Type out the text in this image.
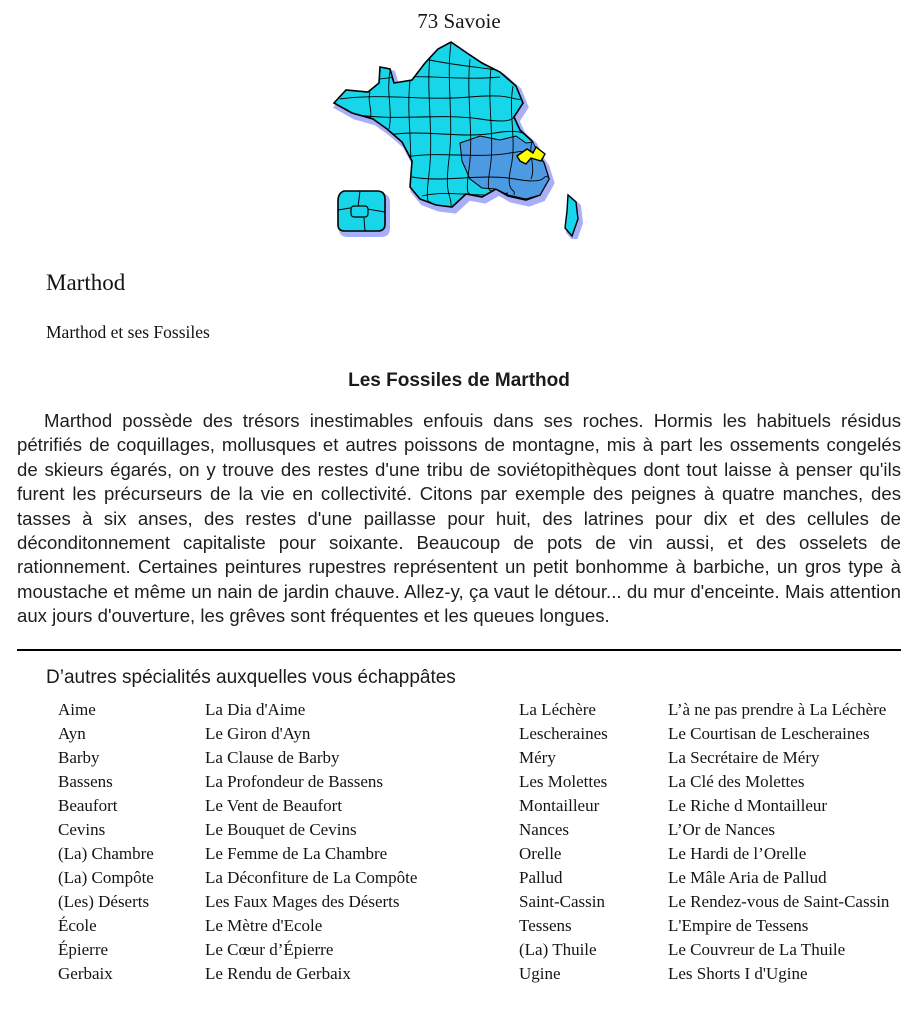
73 Savoie
Marthod
Marthod et ses Fossiles
Les Fossiles de Marthod

Marthod possède des trésors inestimables enfouis dans ses roches. Hormis les habituels résidus pétrifiés de coquillages, mollusques et autres poissons de montagne, mis à part les ossements congelés de skieurs égarés, on y trouve des restes d'une tribu de soviétopithèques dont tout laisse à penser qu'ils furent les précurseurs de la vie en collectivité. Citons par exemple des peignes à quatre manches, des tasses à six anses, des restes d'une paillasse pour huit, des latrines pour dix et des cellules de déconditonnement capitaliste pour soixante. Beaucoup de pots de vin aussi, et des osselets de rationnement. Certaines peintures rupestres représentent un petit bonhomme à barbiche, un gros type à moustache et même un nain de jardin chauve. Allez-y, ça vaut le détour... du mur d'enceinte. Mais attention aux jours d'ouverture, les grêves sont fréquentes et les queues longues.

D’autres spécialités auxquelles vous échappâtes
Aime	La Dia d'Aime
Ayn	Le Giron d'Ayn
Barby	La Clause de Barby
Bassens	La Profondeur de Bassens
Beaufort	Le Vent de Beaufort
Cevins	Le Bouquet de Cevins
(La) Chambre	Le Femme de La Chambre
(La) Compôte	La Déconfiture de La Compôte
(Les) Déserts	Les Faux Mages des Déserts
École	Le Mètre d'Ecole
Épierre	Le Cœur d’Épierre
Gerbaix	Le Rendu de Gerbaix
La Léchère	L’à ne pas prendre à La Léchère
Lescheraines	Le Courtisan de Lescheraines
Méry	La Secrétaire de Méry
Les Molettes	La Clé des Molettes
Montailleur	Le Riche d Montailleur
Nances	L’Or de Nances
Orelle	Le Hardi de l’Orelle
Pallud	Le Mâle Aria de Pallud
Saint-Cassin	Le Rendez-vous de Saint-Cassin
Tessens	L'Empire de Tessens
(La) Thuile	Le Couvreur de La Thuile
Ugine	Les Shorts I d'Ugine
